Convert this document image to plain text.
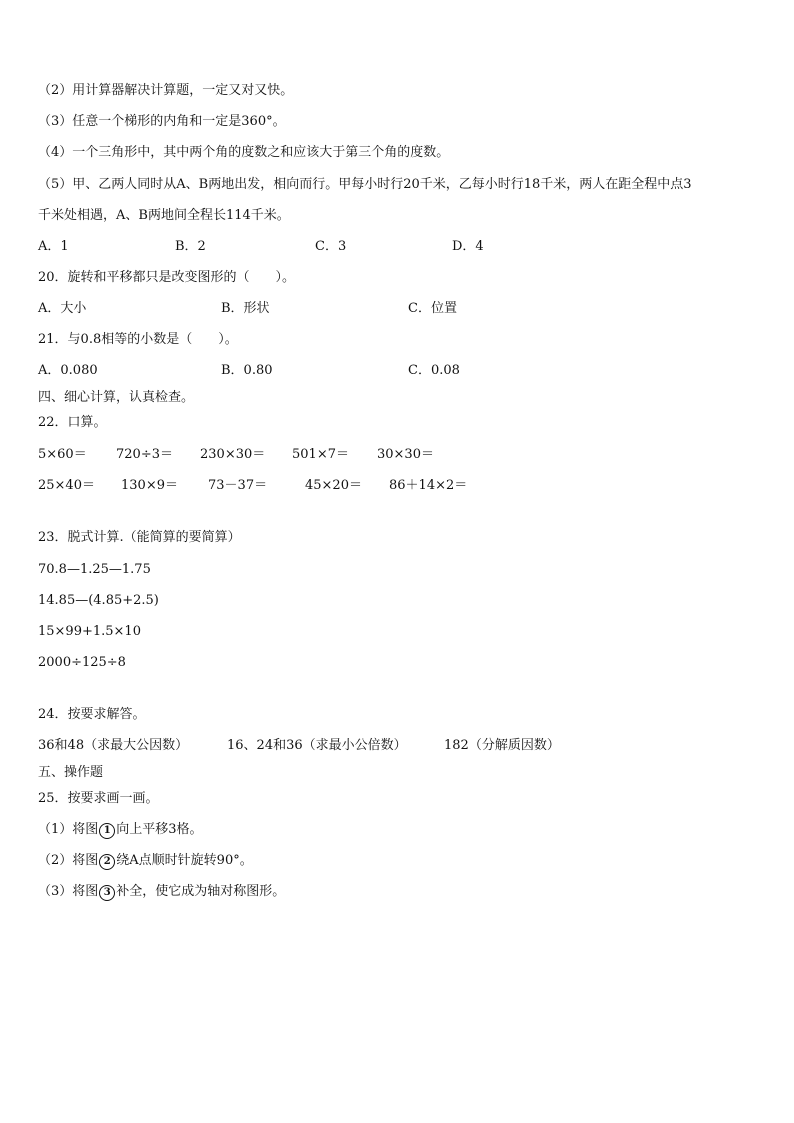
（2）用计算器解决计算题，一定又对又快。
（3）任意一个梯形的内角和一定是360°。
（4）一个三角形中，其中两个角的度数之和应该大于第三个角的度数。
（5）甲、乙两人同时从A、B两地出发，相向而行。甲每小时行20千米，乙每小时行18千米，两人在距全程中点3
千米处相遇，A、B两地间全程长114千米。
A．1	B．2	C．3	D．4
20．旋转和平移都只是改变图形的（　　）。
A．大小	B．形状	C．位置
21．与0.8相等的小数是（　　）。
A．0.080	B．0.80	C．0.08
四、细心计算，认真检查。
22．口算。
5×60＝ 720÷3＝ 230×30＝ 501×7＝ 30×30＝
25×40＝ 130×9＝ 73－37＝	45×20＝ 86＋14×2＝
23．脱式计算.（能简算的要简算）
70.8—1.25—1.75
14.85—(4.85+2.5)
15×99+1.5×10
2000÷125÷8
24．按要求解答。
36和48（求最大公因数）	16、24和36（求最小公倍数）	182（分解质因数）
五、操作题
25．按要求画一画。
（1）将图 1 向上平移3格。
（2）将图 2 绕A点顺时针旋转90°。
（3）将图 3 补全，使它成为轴对称图形。
